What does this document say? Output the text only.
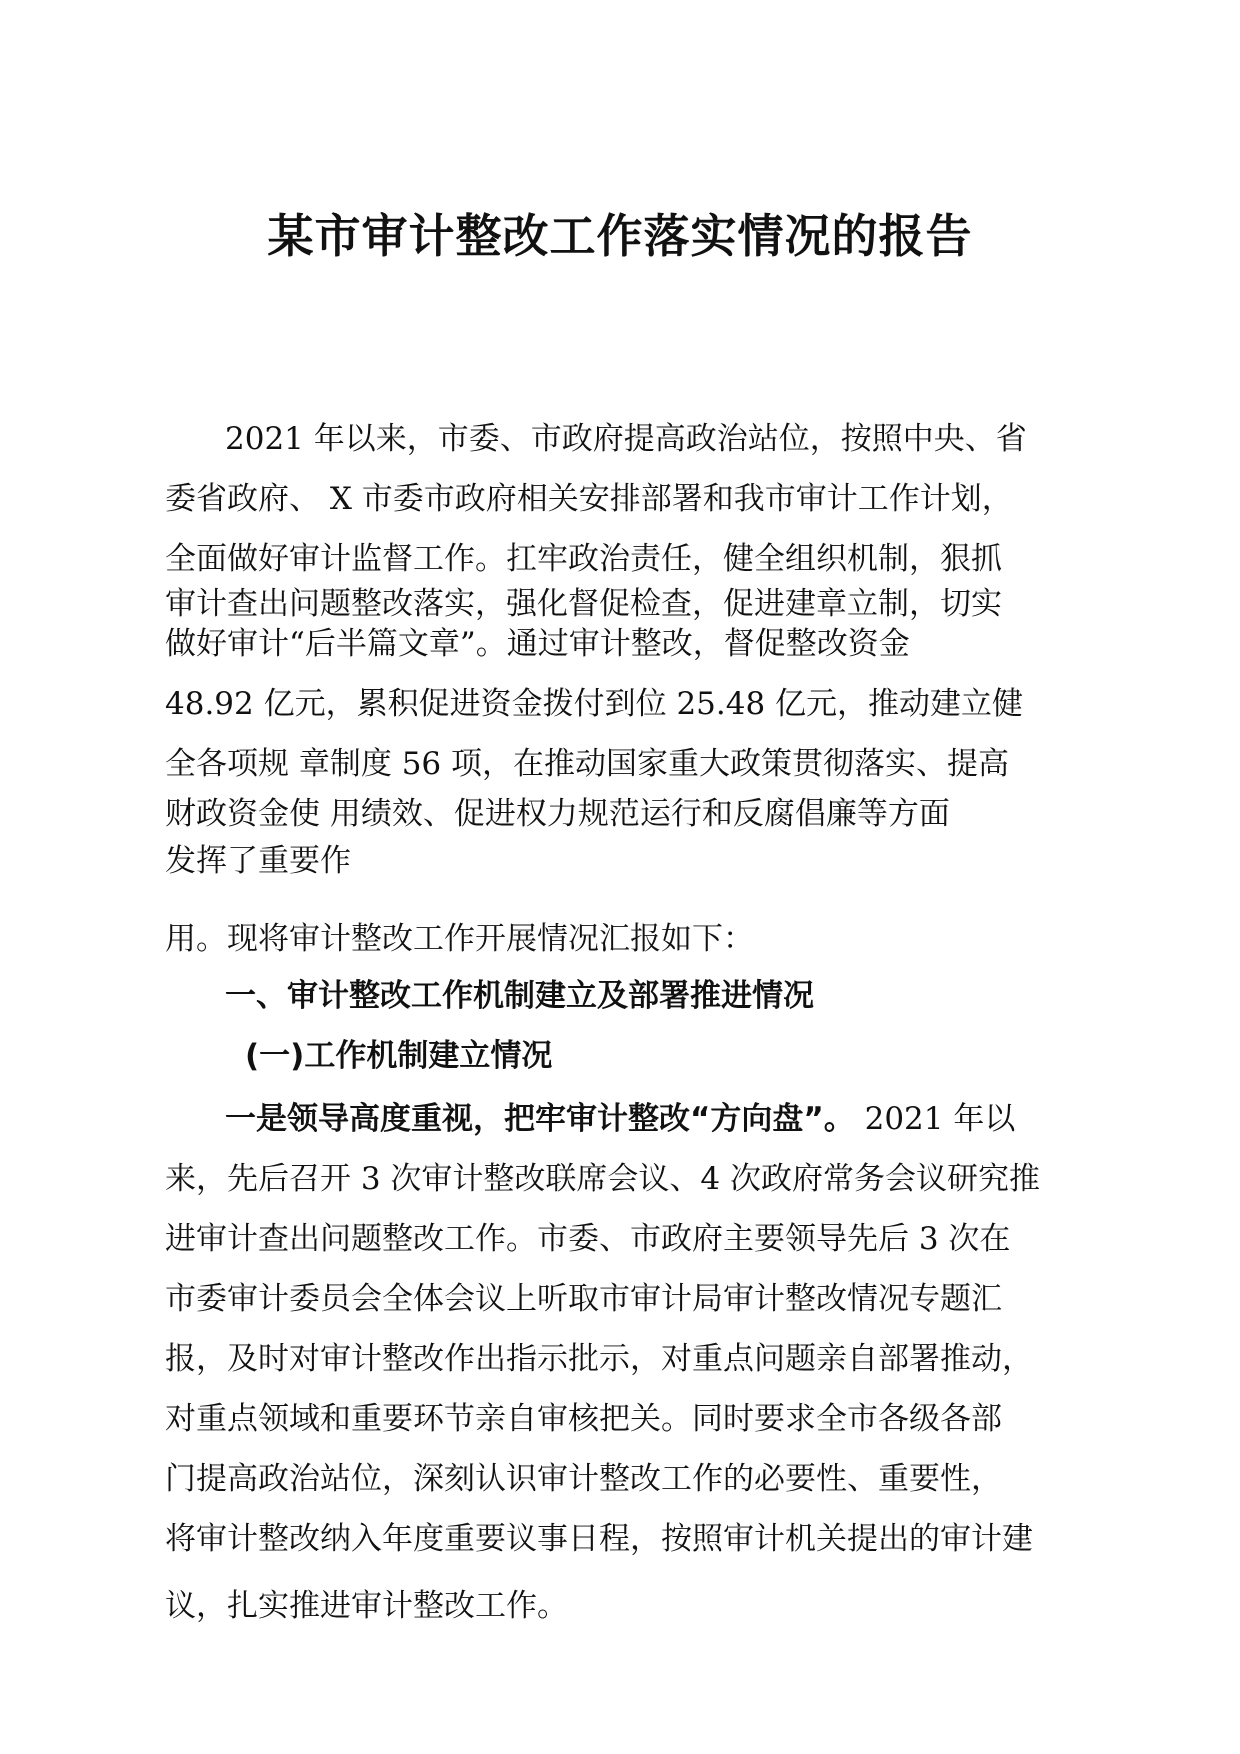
某市审计整改工作落实情况的报告
2021 年以来，市委、市政府提高政治站位，按照中央、省
委省政府、 X 市委市政府相关安排部署和我市审计工作计划，
全面做好审计监督工作。扛牢政治责任，健全组织机制，狠抓
审计查出问题整改落实，强化督促检查，促进建章立制，切实
做好审计“后半篇文章”。通过审计整改，督促整改资金
48.92 亿元，累积促进资金拨付到位 25.48 亿元，推动建立健
全各项规 章制度 56 项，在推动国家重大政策贯彻落实、提高
财政资金使 用绩效、促进权力规范运行和反腐倡廉等方面
发挥了重要作
用。现将审计整改工作开展情况汇报如下：
一、审计整改工作机制建立及部署推进情况
(一)工作机制建立情况
一是领导高度重视，把牢审计整改“方向盘”。 2021 年以
来，先后召开 3 次审计整改联席会议、4 次政府常务会议研究推
进审计查出问题整改工作。市委、市政府主要领导先后 3 次在
市委审计委员会全体会议上听取市审计局审计整改情况专题汇
报，及时对审计整改作出指示批示，对重点问题亲自部署推动，
对重点领域和重要环节亲自审核把关。同时要求全市各级各部
门提高政治站位，深刻认识审计整改工作的必要性、重要性，
将审计整改纳入年度重要议事日程，按照审计机关提出的审计建
议，扎实推进审计整改工作。
